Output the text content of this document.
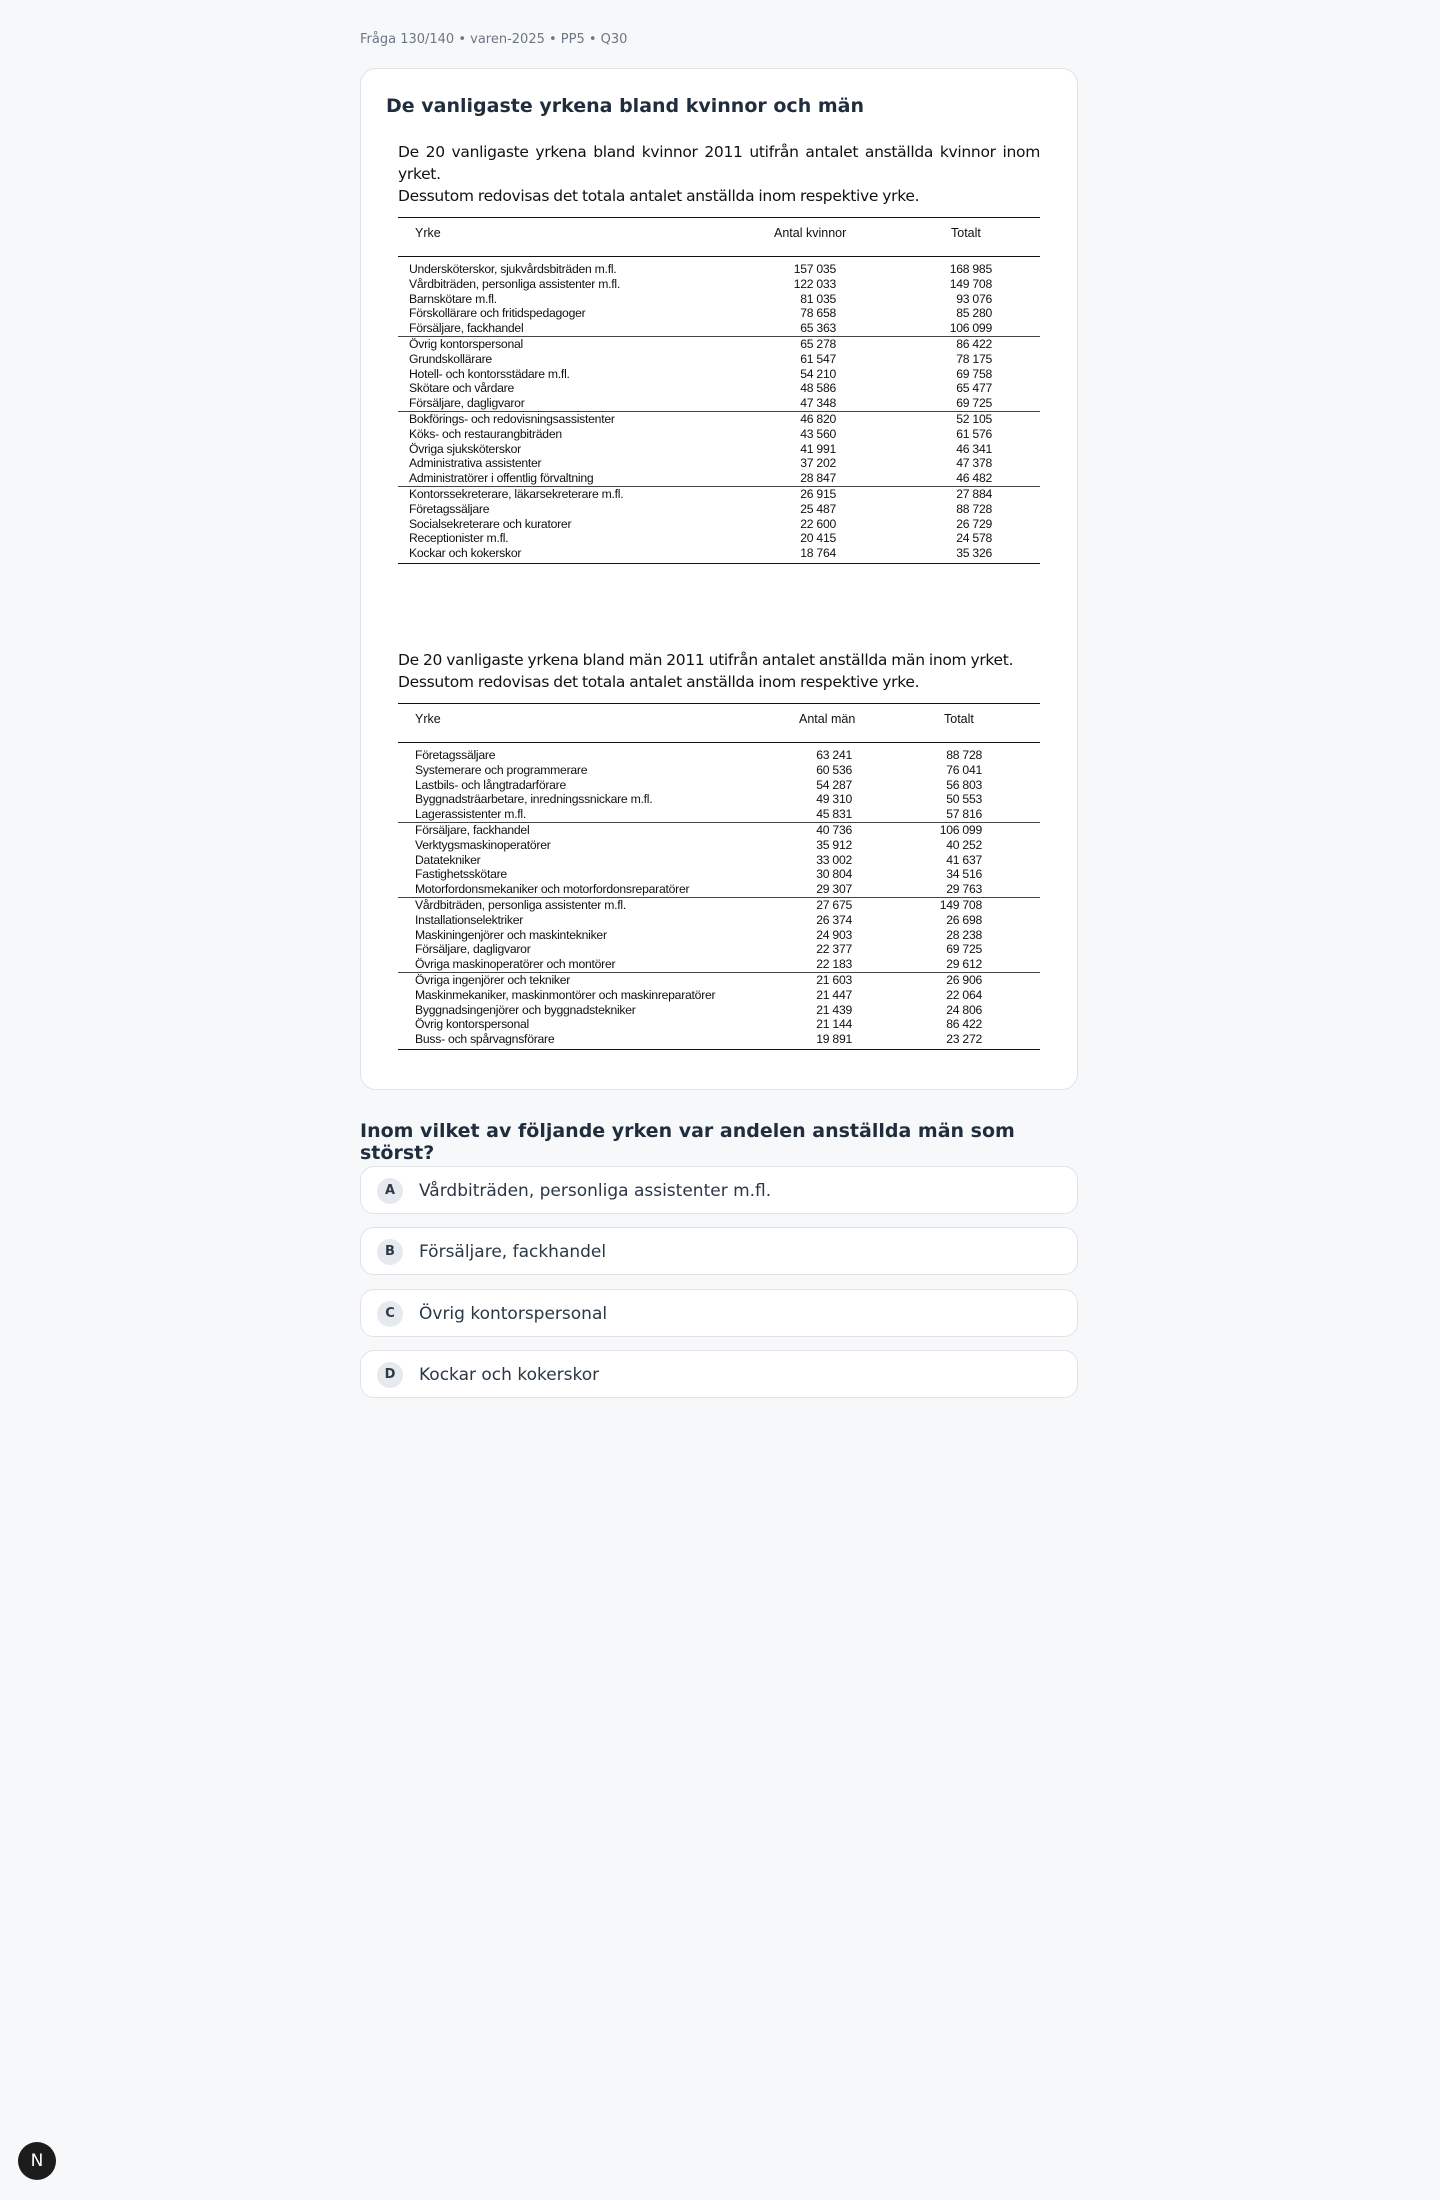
Fråga 130/140 • varen-2025 • PP5 • Q30
De vanligaste yrkena bland kvinnor och män
De 20 vanligaste yrkena bland kvinnor 2011 utifrån antalet anställda kvinnor inom yrket.
Dessutom redovisas det totala antalet anställda inom respektive yrke.
Yrke	Antal kvinnor	Totalt
Undersköterskor, sjukvårdsbiträden m.fl.	157 035	168 985
Vårdbiträden, personliga assistenter m.fl.	122 033	149 708
Barnskötare m.fl.	81 035	93 076
Förskollärare och fritidspedagoger	78 658	85 280
Försäljare, fackhandel	65 363	106 099
Övrig kontorspersonal	65 278	86 422
Grundskollärare	61 547	78 175
Hotell- och kontorsstädare m.fl.	54 210	69 758
Skötare och vårdare	48 586	65 477
Försäljare, dagligvaror	47 348	69 725
Bokförings- och redovisningsassistenter	46 820	52 105
Köks- och restaurangbiträden	43 560	61 576
Övriga sjuksköterskor	41 991	46 341
Administrativa assistenter	37 202	47 378
Administratörer i offentlig förvaltning	28 847	46 482
Kontorssekreterare, läkarsekreterare m.fl.	26 915	27 884
Företagssäljare	25 487	88 728
Socialsekreterare och kuratorer	22 600	26 729
Receptionister m.fl.	20 415	24 578
Kockar och kokerskor	18 764	35 326
De 20 vanligaste yrkena bland män 2011 utifrån antalet anställda män inom yrket.
Dessutom redovisas det totala antalet anställda inom respektive yrke.
Yrke	Antal män	Totalt
Företagssäljare	63 241	88 728
Systemerare och programmerare	60 536	76 041
Lastbils- och långtradarförare	54 287	56 803
Byggnadsträarbetare, inredningssnickare m.fl.	49 310	50 553
Lagerassistenter m.fl.	45 831	57 816
Försäljare, fackhandel	40 736	106 099
Verktygsmaskinoperatörer	35 912	40 252
Datatekniker	33 002	41 637
Fastighetsskötare	30 804	34 516
Motorfordonsmekaniker och motorfordonsreparatörer	29 307	29 763
Vårdbiträden, personliga assistenter m.fl.	27 675	149 708
Installationselektriker	26 374	26 698
Maskiningenjörer och maskintekniker	24 903	28 238
Försäljare, dagligvaror	22 377	69 725
Övriga maskinoperatörer och montörer	22 183	29 612
Övriga ingenjörer och tekniker	21 603	26 906
Maskinmekaniker, maskinmontörer och maskinreparatörer	21 447	22 064
Byggnadsingenjörer och byggnadstekniker	21 439	24 806
Övrig kontorspersonal	21 144	86 422
Buss- och spårvagnsförare	19 891	23 272
Inom vilket av följande yrken var andelen anställda män som störst?
A	Vårdbiträden, personliga assistenter m.fl.
B	Försäljare, fackhandel
C	Övrig kontorspersonal
D	Kockar och kokerskor
N
